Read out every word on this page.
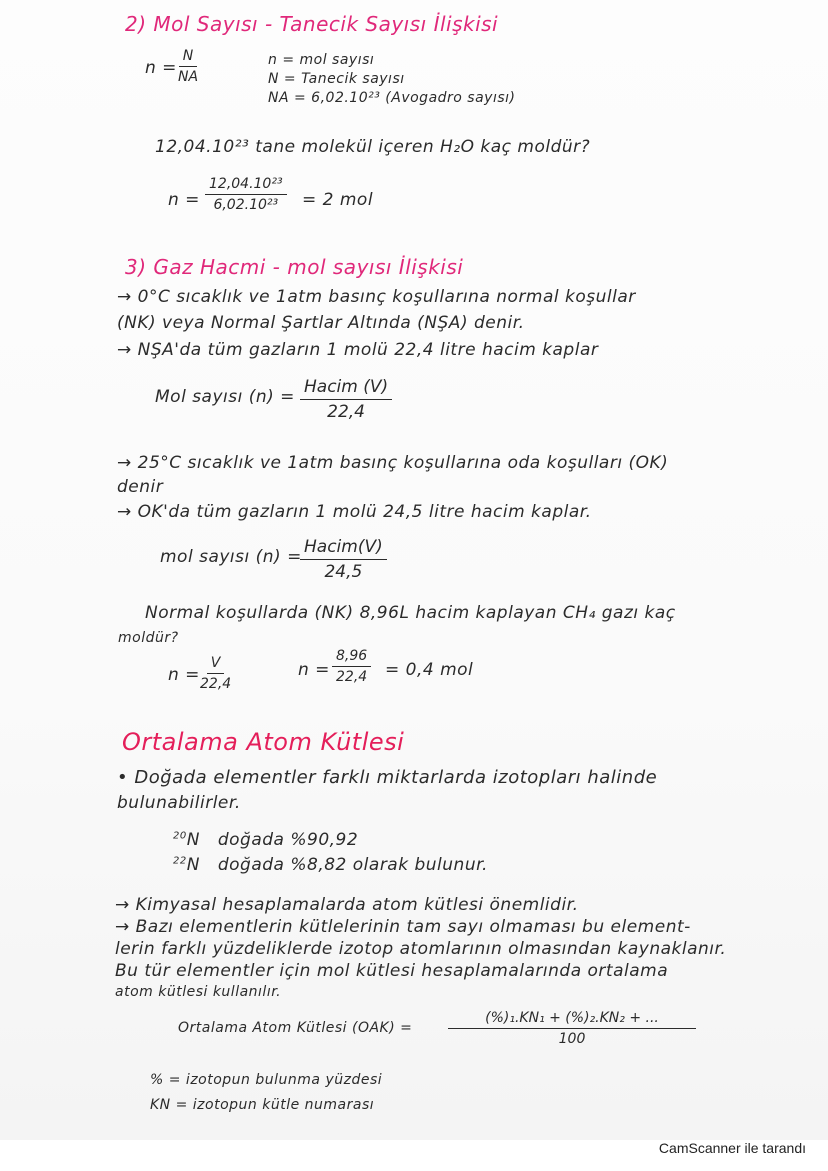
2) Mol Sayısı - Tanecik Sayısı İlişkisi
$n = \frac{N}{NA}$	n = mol sayısı
N = Tanecik sayısı
NA = 6,02.10²³ (Avogadro sayısı)
12,04.10²³ tane molekül içeren H₂O kaç moldür?
$n = \frac{\text{12,04.10²³}}{\text{6,02.10²³}} = 2$ mol
3) Gaz Hacmi - mol sayısı İlişkisi
→ 0°C sıcaklık ve 1atm basınç koşullarına normal koşullar
(NK) veya Normal Şartlar Altında (NŞA) denir.
→ NŞA'da tüm gazların 1 molü 22,4 litre hacim kaplar
Mol sayısı (n) = Hacim (V)
22,4
→ 25°C sıcaklık ve 1atm basınç koşullarına oda koşulları (OK)
denir
→ OK'da tüm gazların 1 molü 24,5 litre hacim kaplar.
mol sayısı (n) = Hacim(V)
24,5
Normal koşullarda (NK) 8,96L hacim kaplayan CH₄ gazı kaç
moldür?
$n = \frac{V}{22,4}$	$n = \frac{8,96}{22,4} = 0,4$ mol
Ortalama Atom Kütlesi
• Doğada elementler farklı miktarlarda izotopları halinde
bulunabilirler.
$^{20}$N doğada %90,92
$^{22}$N doğada %8,82 olarak bulunur.
→ Kimyasal hesaplamalarda atom kütlesi önemlidir.
→ Bazı elementlerin kütlelerinin tam sayı olmaması bu element-
lerin farklı yüzdeliklerde izotop atomlarının olmasından kaynaklanır.
Bu tür elementler için mol kütlesi hesaplamalarında ortalama
atom kütlesi kullanılır.
Ortalama Atom Kütlesi (OAK) =	$\frac{\text{(\%)₁.KN₁ + (\%)₂.KN₂ + ...}}{100}$
% = izotopun bulunma yüzdesi
KN = izotopun kütle numarası
CamScanner ile tarandı
